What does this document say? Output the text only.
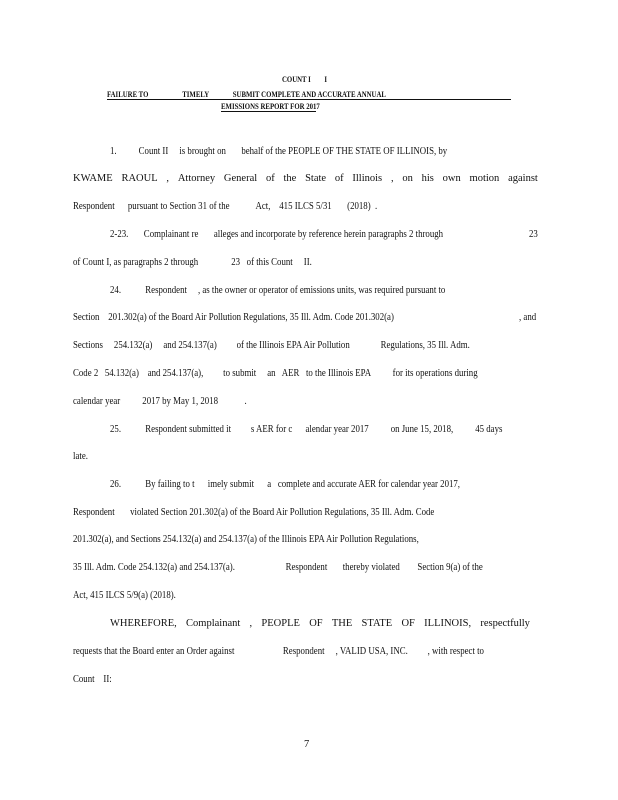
COUNT I        I
FAILURE TO                    TIMELY              SUBMIT COMPLETE AND ACCURATE ANNUAL
EMISSIONS REPORT FOR 2017
1.          Count II     is brought on       behalf of the PEOPLE OF THE STATE OF ILLINOIS, by
KWAME RAOUL , Attorney General of the State of Illinois , on his own motion against
Respondent      pursuant to Section 31 of the            Act,    415 ILCS 5/31       (2018)  .
2-23.       Complainant re       alleges and incorporate by reference herein paragraphs 2 through	23
of Count I, as paragraphs 2 through               23   of this Count     II.
24.           Respondent     , as the owner or operator of emissions units, was required pursuant to
Section    201.302(a) of the Board Air Pollution Regulations, 35 Ill. Adm. Code 201.302(a)	, and
Sections     254.132(a)     and 254.137(a)         of the Illinois EPA Air Pollution              Regulations, 35 Ill. Adm.
Code 2   54.132(a)    and 254.137(a),         to submit     an   AER   to the Illinois EPA          for its operations during
calendar year          2017 by May 1, 2018            .
25.           Respondent submitted it         s AER for c      alendar year 2017          on June 15, 2018,          45 days
late.
26.           By failing to t      imely submit      a   complete and accurate AER for calendar year 2017,
Respondent       violated Section 201.302(a) of the Board Air Pollution Regulations, 35 Ill. Adm. Code
201.302(a), and Sections 254.132(a) and 254.137(a) of the Illinois EPA Air Pollution Regulations,
35 Ill. Adm. Code 254.132(a) and 254.137(a).                       Respondent       thereby violated        Section 9(a) of the
Act, 415 ILCS 5/9(a) (2018).
WHEREFORE, Complainant , PEOPLE OF THE STATE OF ILLINOIS, respectfully
requests that the Board enter an Order against                      Respondent     , VALID USA, INC.         , with respect to
Count    II:
7
